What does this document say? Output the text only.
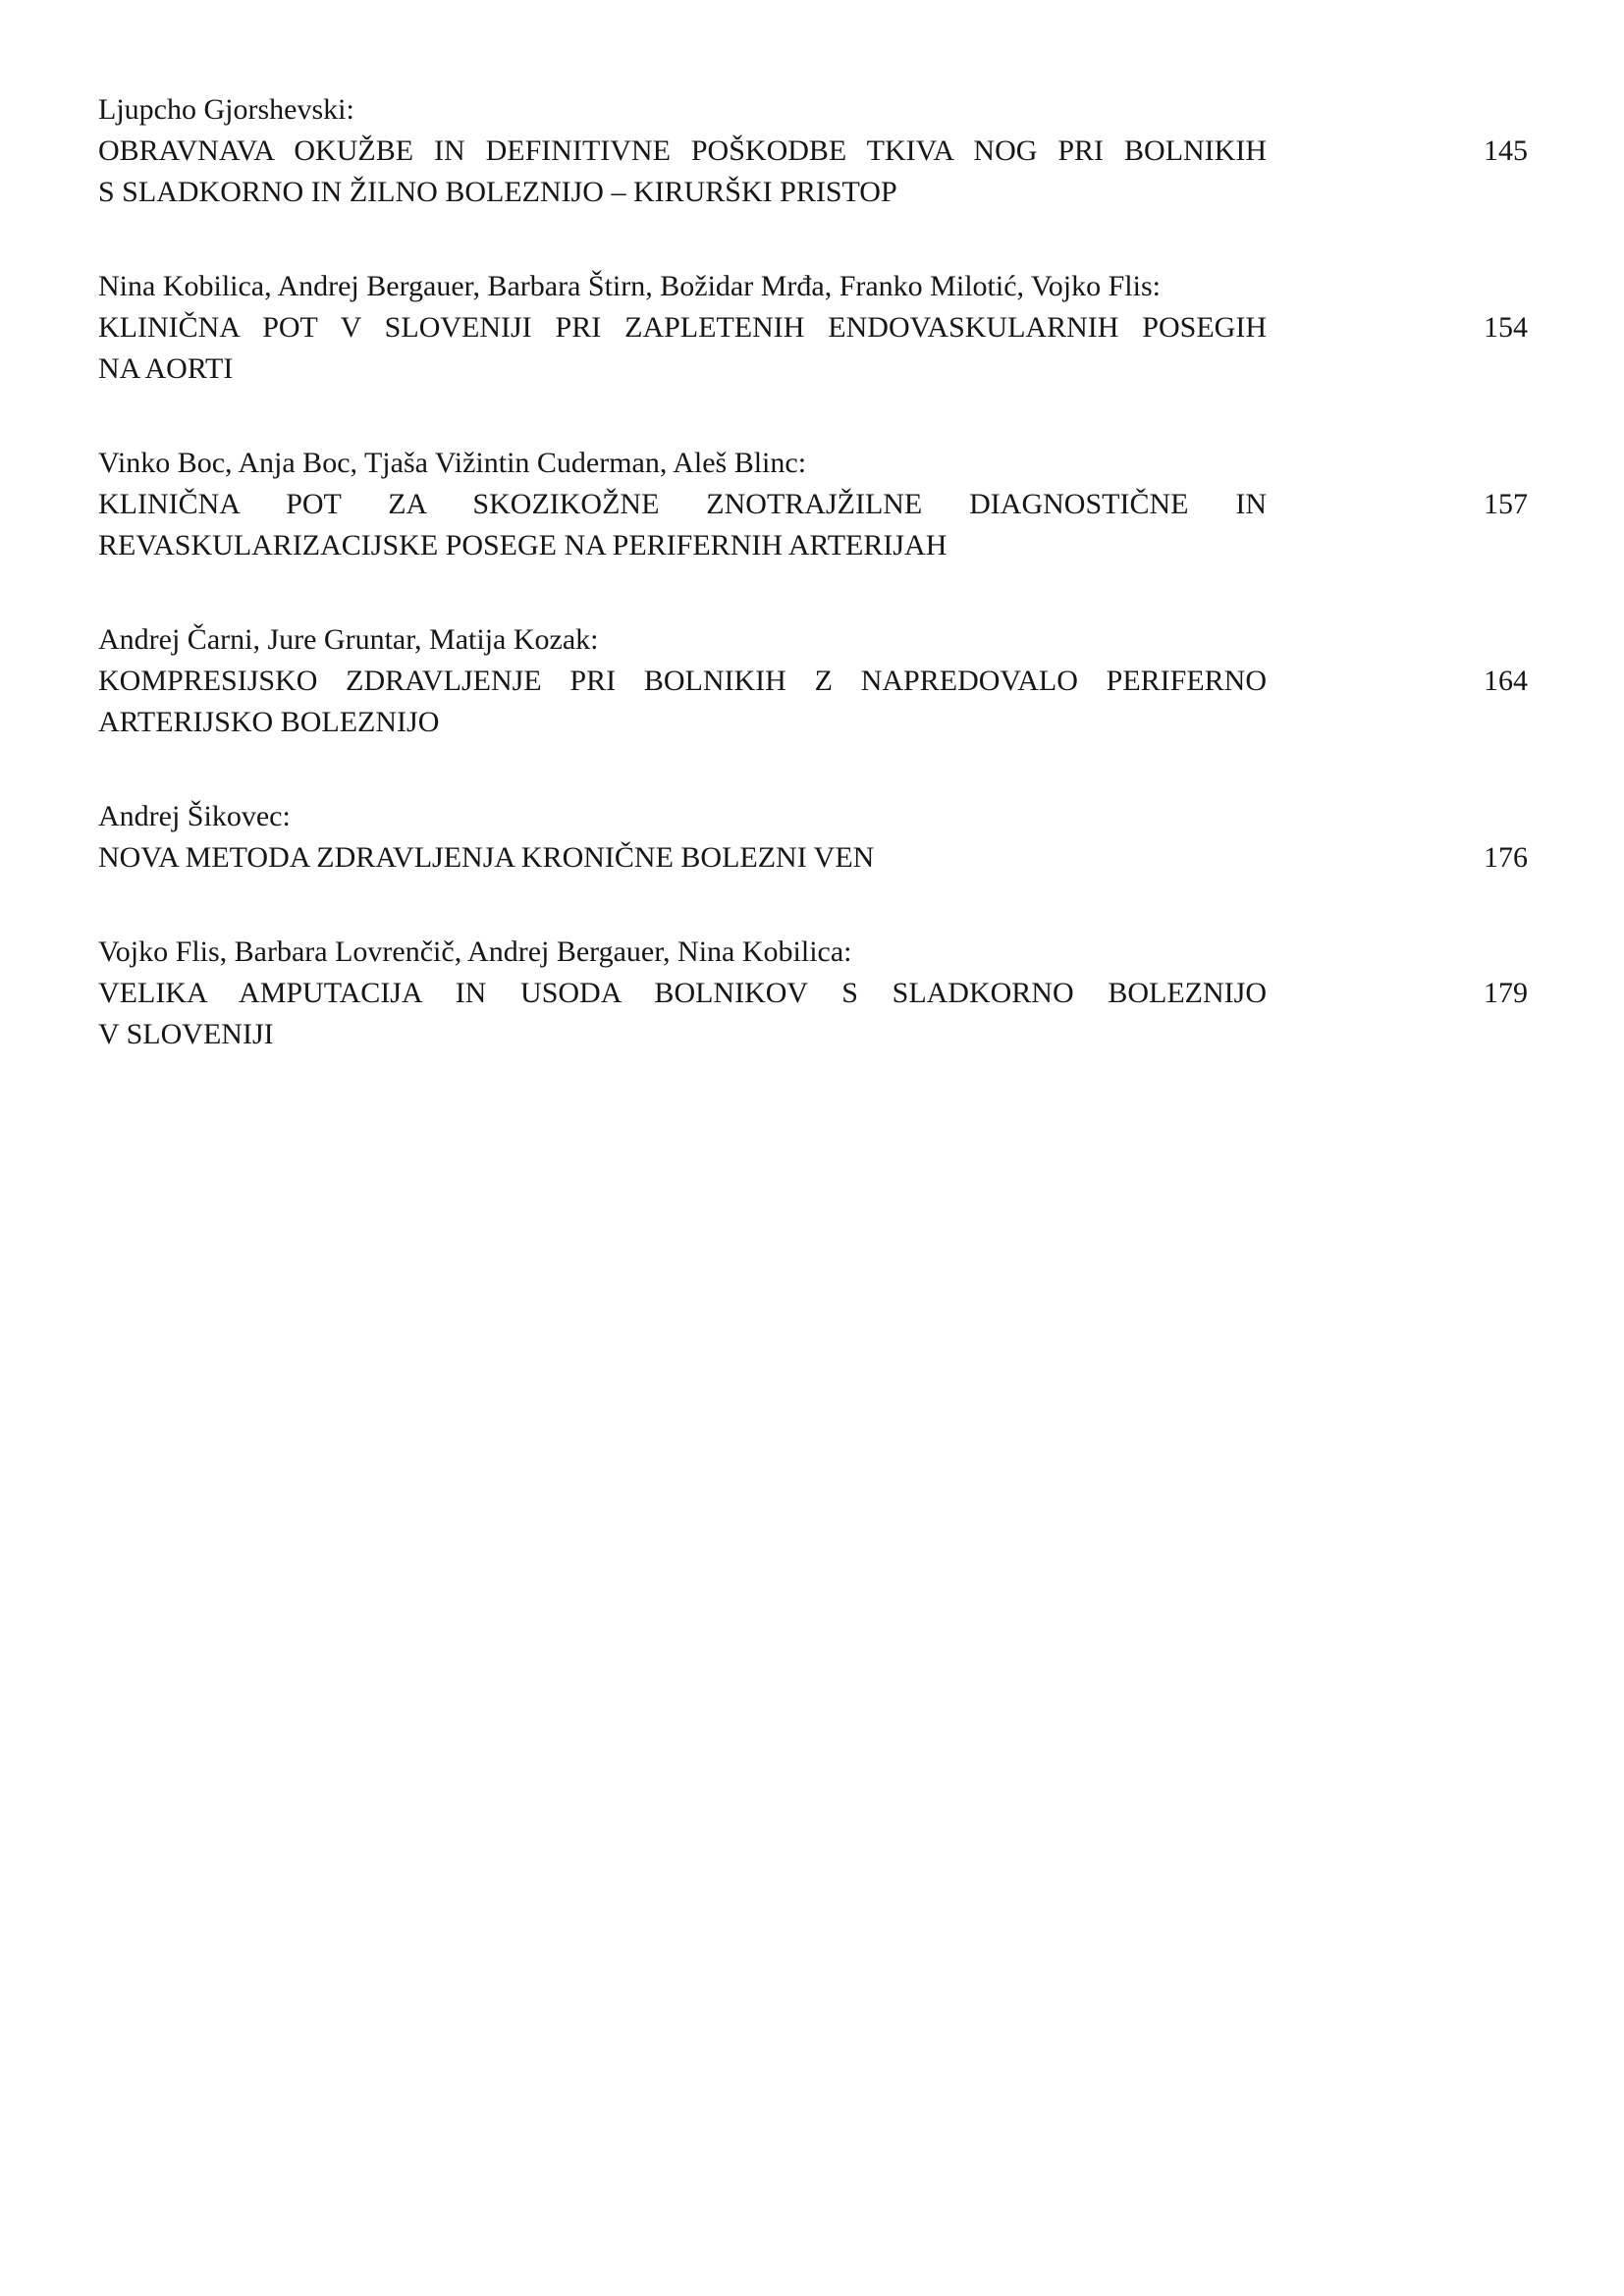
Ljupcho Gjorshevski:
OBRAVNAVA OKUŽBE IN DEFINITIVNE POŠKODBE TKIVA NOG PRI BOLNIKIH
S SLADKORNO IN ŽILNO BOLEZNIJO – KIRURŠKI PRISTOP
145
Nina Kobilica, Andrej Bergauer, Barbara Štirn, Božidar Mrđa, Franko Milotić, Vojko Flis:
KLINIČNA POT V SLOVENIJI PRI ZAPLETENIH ENDOVASKULARNIH POSEGIH
NA AORTI
154
Vinko Boc, Anja Boc, Tjaša Vižintin Cuderman, Aleš Blinc:
KLINIČNA POT ZA SKOZIKOŽNE ZNOTRAJŽILNE DIAGNOSTIČNE IN
REVASKULARIZACIJSKE POSEGE NA PERIFERNIH ARTERIJAH
157
Andrej Čarni, Jure Gruntar, Matija Kozak:
KOMPRESIJSKO ZDRAVLJENJE PRI BOLNIKIH Z NAPREDOVALO PERIFERNO
ARTERIJSKO BOLEZNIJO
164
Andrej Šikovec:
NOVA METODA ZDRAVLJENJA KRONIČNE BOLEZNI VEN	176
Vojko Flis, Barbara Lovrenčič, Andrej Bergauer, Nina Kobilica:
VELIKA AMPUTACIJA IN USODA BOLNIKOV S SLADKORNO BOLEZNIJO
V SLOVENIJI
179
